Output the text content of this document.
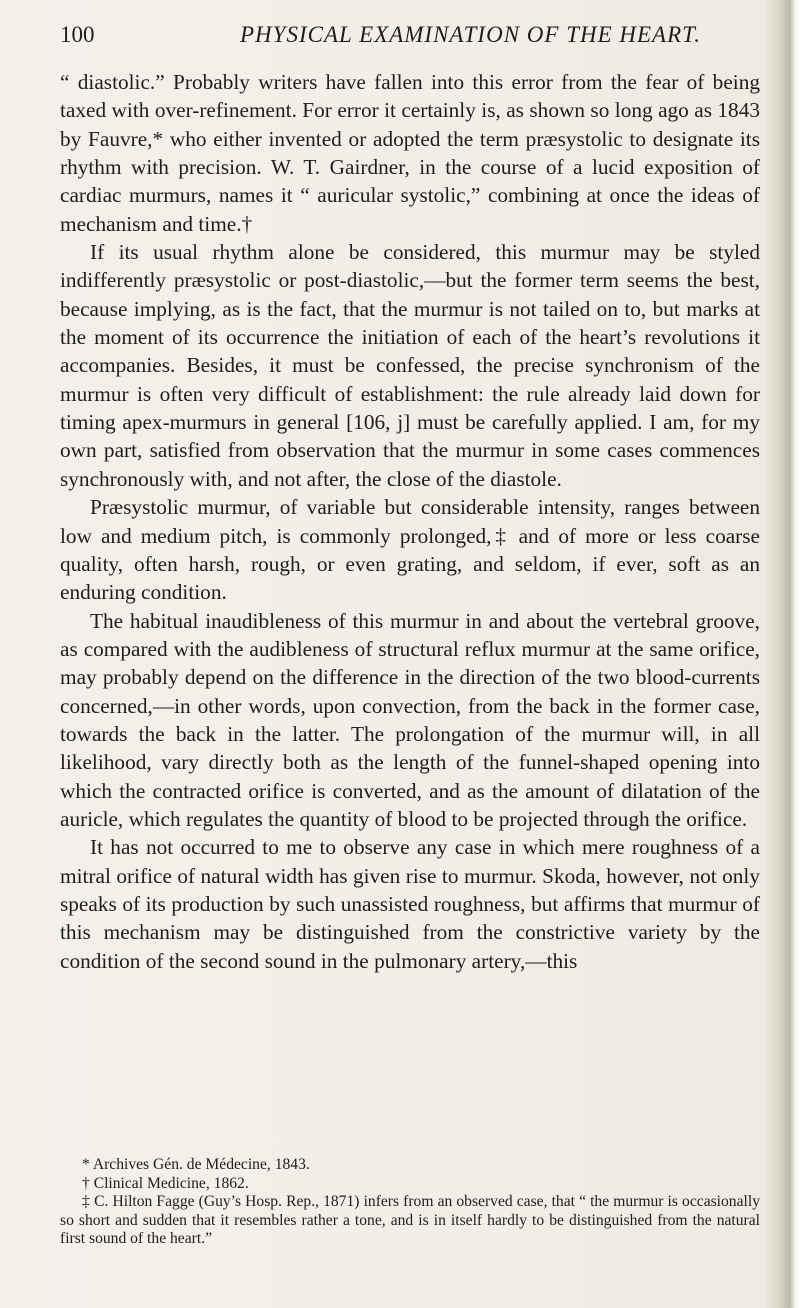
100	PHYSICAL EXAMINATION OF THE HEART.

“ diastolic.” Probably writers have fallen into this error from the fear of being taxed with over-refinement. For error it certainly is, as shown so long ago as 1843 by Fauvre,* who either invented or adopted the term præsystolic to designate its rhythm with precision. W. T. Gairdner, in the course of a lucid exposition of cardiac murmurs, names it “ auricular systolic,” combining at once the ideas of mechanism and time.†

If its usual rhythm alone be considered, this murmur may be styled indifferently præsystolic or post-diastolic,—but the former term seems the best, because implying, as is the fact, that the murmur is not tailed on to, but marks at the moment of its occurrence the initiation of each of the heart’s revolutions it accompanies. Besides, it must be confessed, the precise synchronism of the murmur is often very difficult of establishment: the rule already laid down for timing apex-murmurs in general [106, j] must be carefully applied. I am, for my own part, satisfied from observation that the murmur in some cases commences synchronously with, and not after, the close of the diastole.

Præsystolic murmur, of variable but considerable intensity, ranges between low and medium pitch, is commonly prolonged,‡ and of more or less coarse quality, often harsh, rough, or even grating, and seldom, if ever, soft as an enduring condition.

The habitual inaudibleness of this murmur in and about the vertebral groove, as compared with the audibleness of structural reflux murmur at the same orifice, may probably depend on the difference in the direction of the two blood-currents concerned,—in other words, upon convection, from the back in the former case, towards the back in the latter. The prolongation of the murmur will, in all likelihood, vary directly both as the length of the funnel-shaped opening into which the contracted orifice is converted, and as the amount of dilatation of the auricle, which regulates the quantity of blood to be projected through the orifice.

It has not occurred to me to observe any case in which mere roughness of a mitral orifice of natural width has given rise to murmur. Skoda, however, not only speaks of its production by such unassisted roughness, but affirms that murmur of this mechanism may be distinguished from the constrictive variety by the condition of the second sound in the pulmonary artery,—this

* Archives Gén. de Médecine, 1843.

† Clinical Medicine, 1862.

‡ C. Hilton Fagge (Guy’s Hosp. Rep., 1871) infers from an observed case, that “ the murmur is occasionally so short and sudden that it resembles rather a tone, and is in itself hardly to be distinguished from the natural first sound of the heart.”
